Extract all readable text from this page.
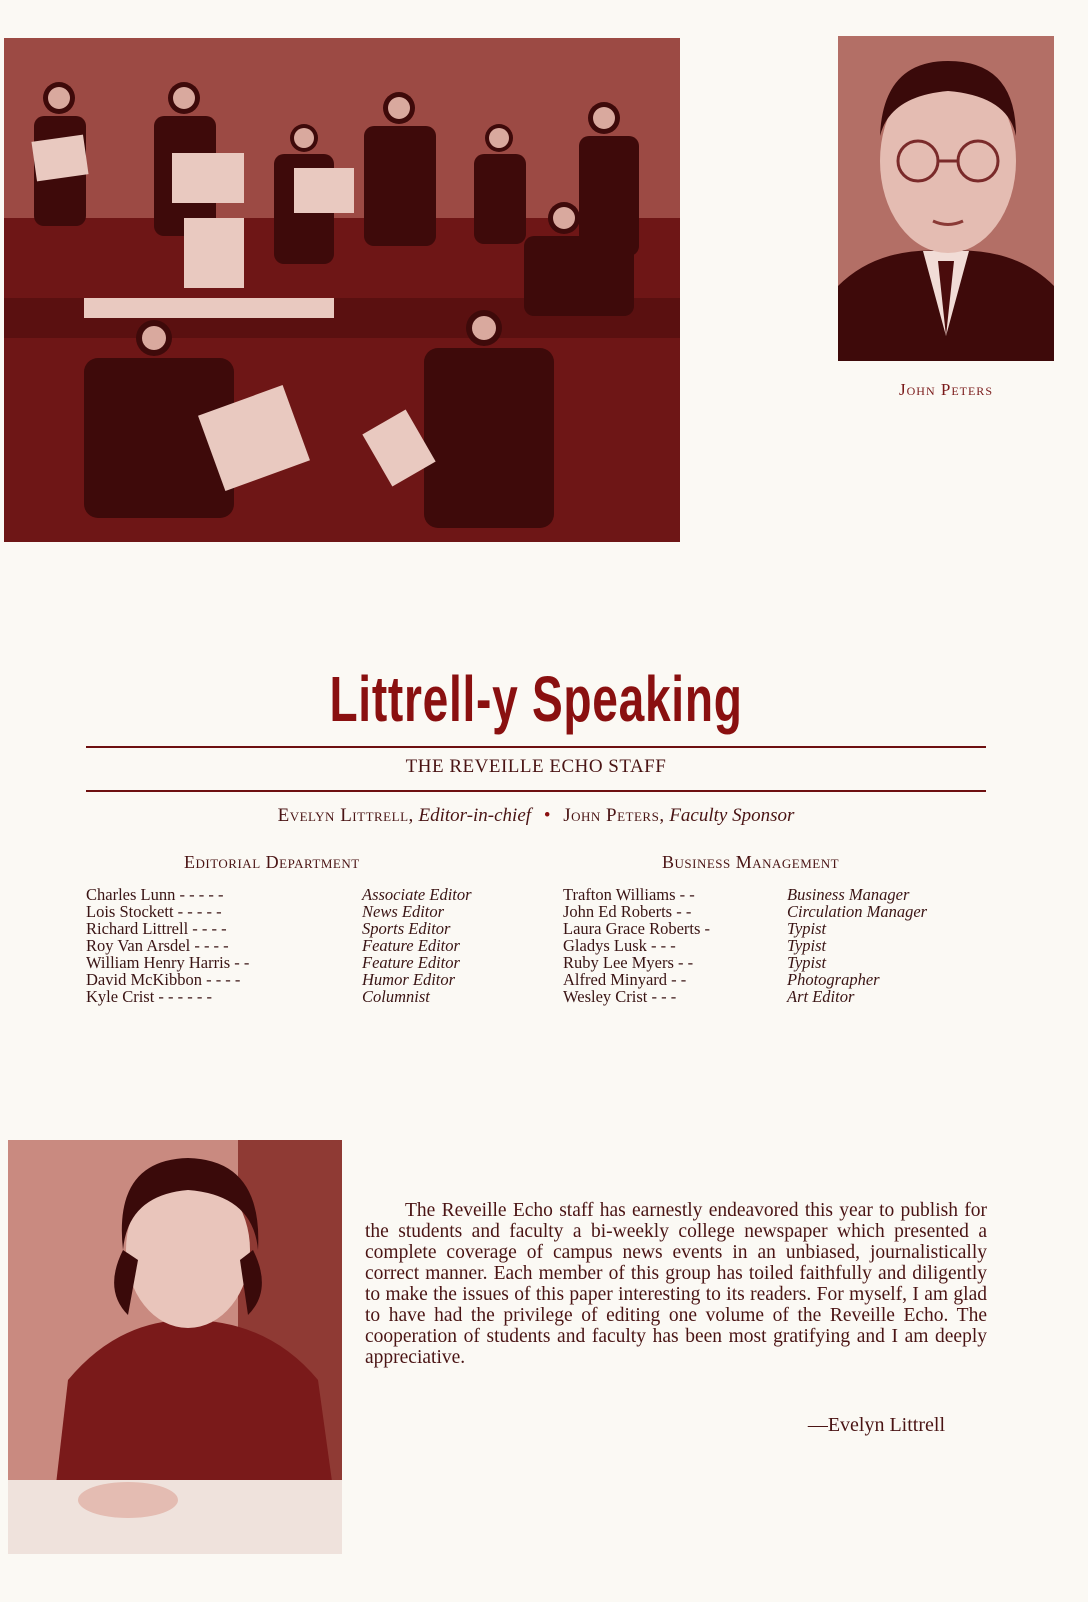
John Peters
Littrell-y Speaking
THE REVEILLE ECHO STAFF
Evelyn Littrell, Editor-in-chief • John Peters, Faculty Sponsor
Editorial Department	Business Management
Charles Lunn - - - - -	Associate Editor
Lois Stockett - - - - -	News Editor
Richard Littrell - - - -	Sports Editor
Roy Van Arsdel - - - -	Feature Editor
William Henry Harris - -	Feature Editor
David McKibbon - - - -	Humor Editor
Kyle Crist - - - - - -	Columnist
Trafton Williams - -	Business Manager
John Ed Roberts - -	Circulation Manager
Laura Grace Roberts -	Typist
Gladys Lusk - - -	Typist
Ruby Lee Myers - -	Typist
Alfred Minyard - -	Photographer
Wesley Crist - - -	Art Editor
The Reveille Echo staff has earnestly endeavored this year to publish for the students and faculty a bi-weekly college newspaper which presented a complete coverage of campus news events in an unbiased, journalistically correct manner. Each member of this group has toiled faithfully and diligently to make the issues of this paper interesting to its readers. For myself, I am glad to have had the privilege of editing one volume of the Reveille Echo. The cooperation of students and faculty has been most gratifying and I am deeply appreciative.
—Evelyn Littrell
